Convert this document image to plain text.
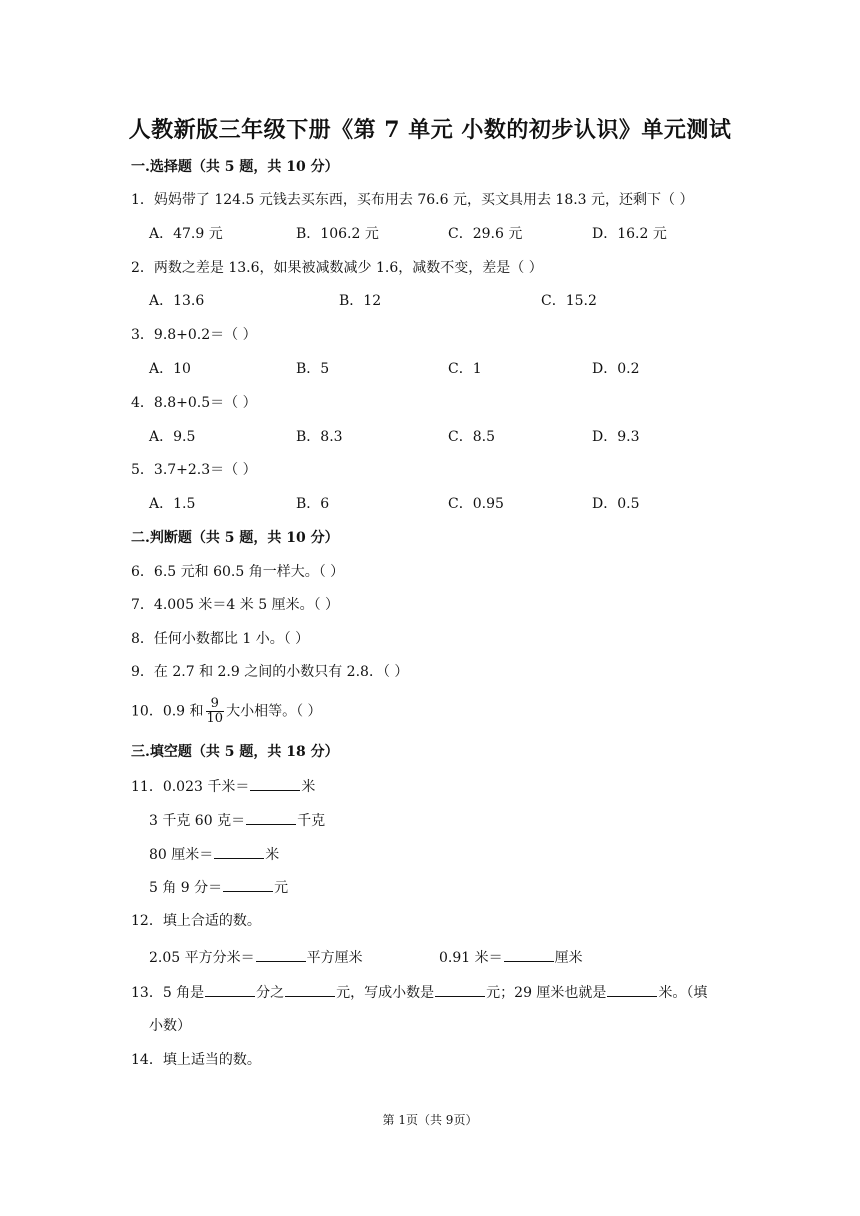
人教新版三年级下册《第 7 单元 小数的初步认识》单元测试
一.选择题（共 5 题，共 10 分）
1．妈妈带了 124.5 元钱去买东西，买布用去 76.6 元，买文具用去 18.3 元，还剩下（ ）
A．47.9 元	B．106.2 元	C．29.6 元	D．16.2 元
2．两数之差是 13.6，如果被减数减少 1.6，减数不变，差是（ ）
A．13.6	B．12	C．15.2
3．9.8+0.2＝（ ）
A．10	B．5	C．1	D．0.2
4．8.8+0.5＝（ ）
A．9.5	B．8.3	C．8.5	D．9.3
5．3.7+2.3＝（ ）
A．1.5	B．6	C．0.95	D．0.5
二.判断题（共 5 题，共 10 分）
6．6.5 元和 60.5 角一样大。（ ）
7．4.005 米＝4 米 5 厘米。（ ）
8．任何小数都比 1 小。（ ）
9．在 2.7 和 2.9 之间的小数只有 2.8．（ ）
10．0.9 和 $\frac{9}{10}$ 大小相等。（ ）
三.填空题（共 5 题，共 18 分）
11．0.023 千米＝	米
3 千克 60 克＝	千克
80 厘米＝	米
5 角 9 分＝	元
12．填上合适的数。
2.05 平方分米＝	平方厘米	0.91 米＝	厘米
13．5 角是	分之	元，写成小数是	元；29 厘米也就是	米。（填
小数）
14．填上适当的数。
第 1页（共 9页）
